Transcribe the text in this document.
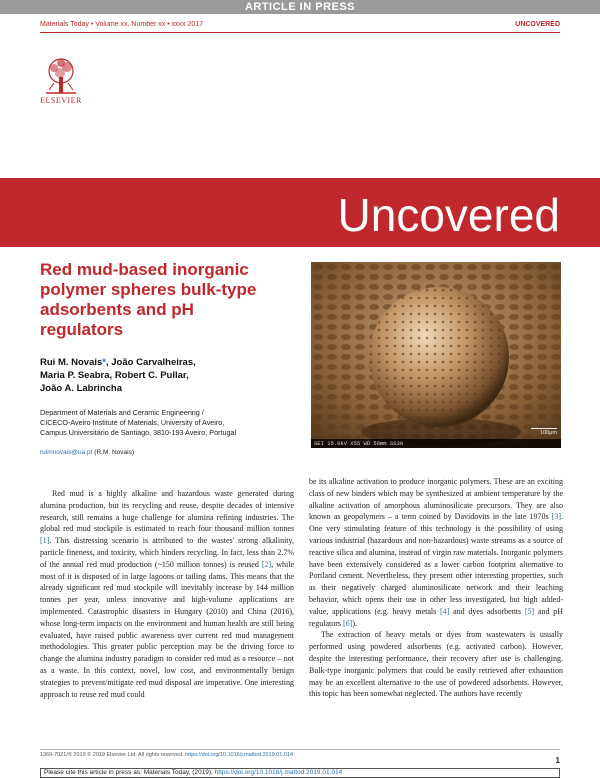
ARTICLE IN PRESS
Materials Today • Volume xx, Number xx • xxxx 2017	UNCOVERED
ELSEVIER
Uncovered
Red mud-based inorganic polymer spheres bulk-type adsorbents and pH regulators
Rui M. Novais*, João Carvalheiras,
Maria P. Seabra, Robert C. Pullar,
João A. Labrincha
Department of Materials and Ceramic Engineering /
CICECO-Aveiro Institute of Materials, University of Aveiro,
Campus Universitário de Santiago, 3810-193 Aveiro, Portugal
ruimnovais@ua.pt (R.M. Novais)
100μm
SEI 15.0kV X55 WD 56mm SS30

Red mud is a highly alkaline and hazardous waste generated during alumina production, but its recycling and reuse, despite decades of intensive research, still remains a huge challenge for alumina refining industries. The global red mud stockpile is estimated to reach four thousand million tonnes [1]. This distressing scenario is attributed to the wastes' strong alkalinity, particle fineness, and toxicity, which hinders recycling. In fact, less than 2.7% of the annual red mud production (~150 million tonnes) is reused [2], while most of it is disposed of in large lagoons or tailing dams. This means that the already significant red mud stockpile will inevitably increase by 144 million tonnes per year, unless innovative and high-volume applications are implemented. Catastrophic disasters in Hungary (2010) and China (2016), whose long-term impacts on the environment and human health are still being evaluated, have raised public awareness over current red mud management methodologies. This greater public perception may be the driving force to change the alumina industry paradigm to consider red mud as a resource – not as a waste. In this context, novel, low cost, and environmentally benign strategies to prevent/mitigate red mud disposal are imperative. One interesting approach to reuse red mud could

be its alkaline activation to produce inorganic polymers. These are an exciting class of new binders which may be synthesized at ambient temperature by the alkaline activation of amorphous aluminosilicate precursors. They are also known as geopolymers – a term coined by Davidovits in the late 1970s [3]. One very stimulating feature of this technology is the possibility of using various industrial (hazardous and non-hazardous) waste streams as a source of reactive silica and alumina, instead of virgin raw materials. Inorganic polymers have been extensively considered as a lower carbon footprint alternative to Portland cement. Nevertheless, they present other interesting properties, such as their negatively charged aluminosilicate network and their leaching behavior, which opens their use in other less investigated, but high added-value, applications (e.g. heavy metals [4] and dyes adsorbents [5] and pH regulators [6]).

The extraction of heavy metals or dyes from wastewaters is usually performed using powdered adsorbents (e.g. activated carbon). However, despite the interesting performance, their recovery after use is challenging. Bulk-type inorganic polymers that could be easily retrieved after exhaustion may be an excellent alternative to the use of powdered adsorbents. However, this topic has been somewhat neglected. The authors have recently

1369-7021/© 2019 © 2019 Elsevier Ltd. All rights reserved. https://doi.org/10.1016/j.mattod.2019.01.014
1
Please cite this article in press as: Materials Today, (2019), https://doi.org/10.1016/j.mattod.2019.01.014
